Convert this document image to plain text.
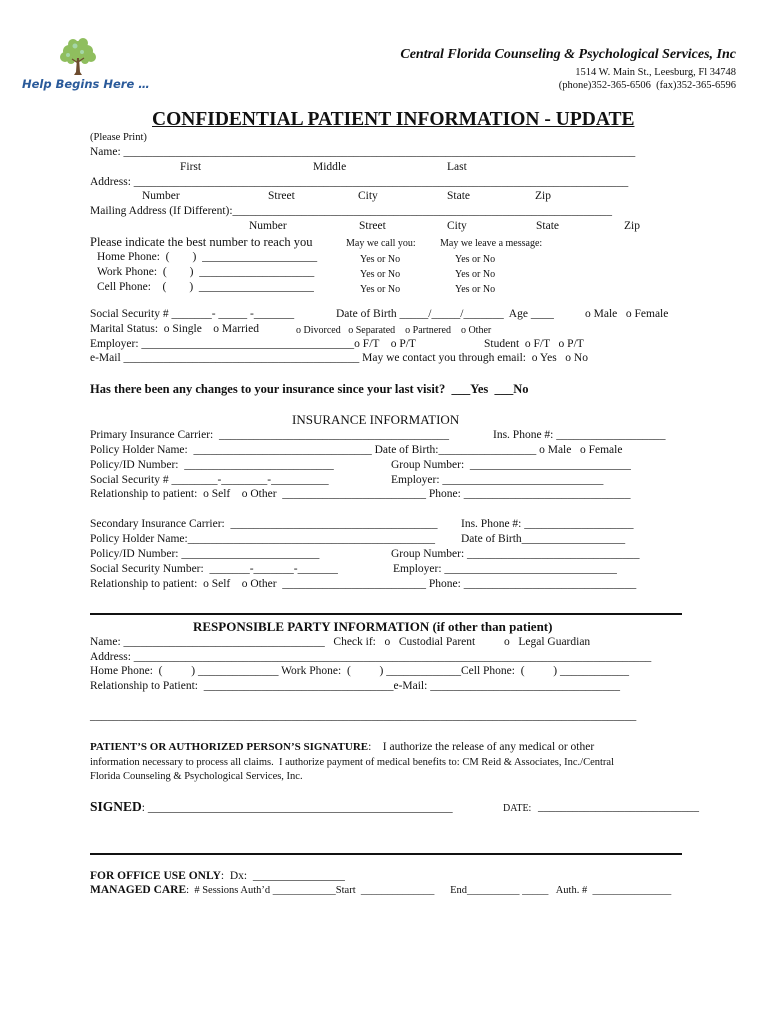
Help Begins Here …
Central Florida Counseling & Psychological Services, Inc
1514 W. Main St., Leesburg, Fl 34748
(phone)352-365-6506  (fax)352-365-6596
CONFIDENTIAL PATIENT INFORMATION - UPDATE
(Please Print)
Name: _________________________________________________________________________________________
First	Middle	Last
Address: ______________________________________________________________________________________
Number	Street	City	State	Zip
Mailing Address (If Different):__________________________________________________________________
Number	Street	City	State	Zip
Please indicate the best number to reach you	May we call you: May we leave a message:
Home Phone:  (        )  ____________________	Yes or No	Yes or No
Work Phone:  (        )  ____________________	Yes or No	Yes or No
Cell Phone:    (        )  ____________________	Yes or No	Yes or No
Social Security # _______- _____ -_______	Date of Birth _____/_____/_______  Age ____	o Male   o Female
Marital Status:  o Single    o Married	o Divorced   o Separated    o Partnered    o Other
Employer: _____________________________________o F/T    o P/T	Student  o F/T   o P/T
e-Mail _________________________________________ May we contact you through email:  o Yes   o No
Has there been any changes to your insurance since your last visit?  ___Yes  ___No
INSURANCE INFORMATION
Primary Insurance Carrier:  ________________________________________	Ins. Phone #: ___________________
Policy Holder Name:  _______________________________ Date of Birth:_________________ o Male   o Female
Policy/ID Number:  __________________________	Group Number:  ____________________________
Social Security # ________-________-__________	Employer: ____________________________
Relationship to patient:  o Self    o Other  _________________________ Phone: _____________________________
Secondary Insurance Carrier:  ____________________________________ Ins. Phone #: ___________________
Policy Holder Name:___________________________________________ Date of Birth__________________
Policy/ID Number: ________________________	Group Number: ______________________________
Social Security Number:  _______-_______-_______	Employer: ______________________________
Relationship to patient:  o Self    o Other  _________________________ Phone: ______________________________
RESPONSIBLE PARTY INFORMATION (if other than patient)
Name: ___________________________________   Check if:   o   Custodial Parent          o   Legal Guardian
Address: __________________________________________________________________________________________
Home Phone:  (          ) ______________ Work Phone:  (          ) _____________Cell Phone:  (          ) ____________
Relationship to Patient:  _________________________________e-Mail: _________________________________
_______________________________________________________________________________________________
PATIENT’S OR AUTHORIZED PERSON’S SIGNATURE:    I authorize the release of any medical or other
information necessary to process all claims.  I authorize payment of medical benefits to: CM Reid & Associates, Inc./Central
Florida Counseling & Psychological Services, Inc.
SIGNED: _____________________________________________________	DATE: ____________________________
FOR OFFICE USE ONLY:  Dx:  ________________
MANAGED CARE:  # Sessions Auth’d ____________Start  ______________      End__________ _____   Auth. #  _______________
